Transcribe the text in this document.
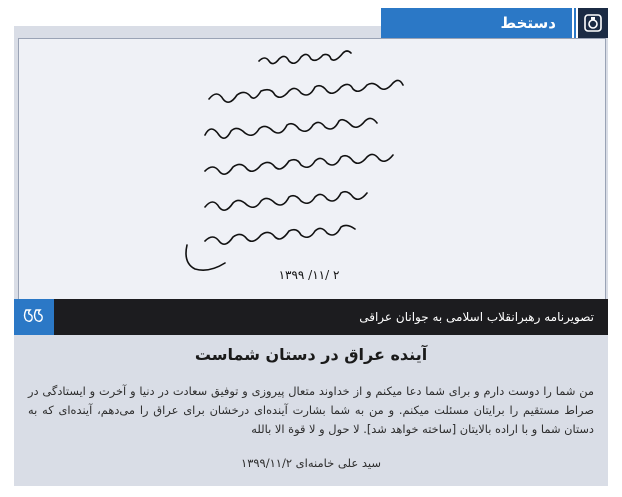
دستخط
۱۳۹۹ /۱۱/ ۲
تصویرنامه رهبرانقلاب اسلامی به جوانان عراقی
آینده عراق در دستان شماست
من شما را دوست دارم و برای شما دعا میکنم و از خداوند متعال پیروزی و توفیق سعادت در دنیا و آخرت و ایستادگی در صراط مستقیم را برایتان مسئلت میکنم. و من به شما بشارت آینده‌ای درخشان برای عراق را می‌دهم، آینده‌ای که به دستان شما و با اراده بالایتان [ساخته خواهد شد]. لا حول و لا قوة الا بالله
سید علی خامنه‌ای ۱۳۹۹/۱۱/۲
